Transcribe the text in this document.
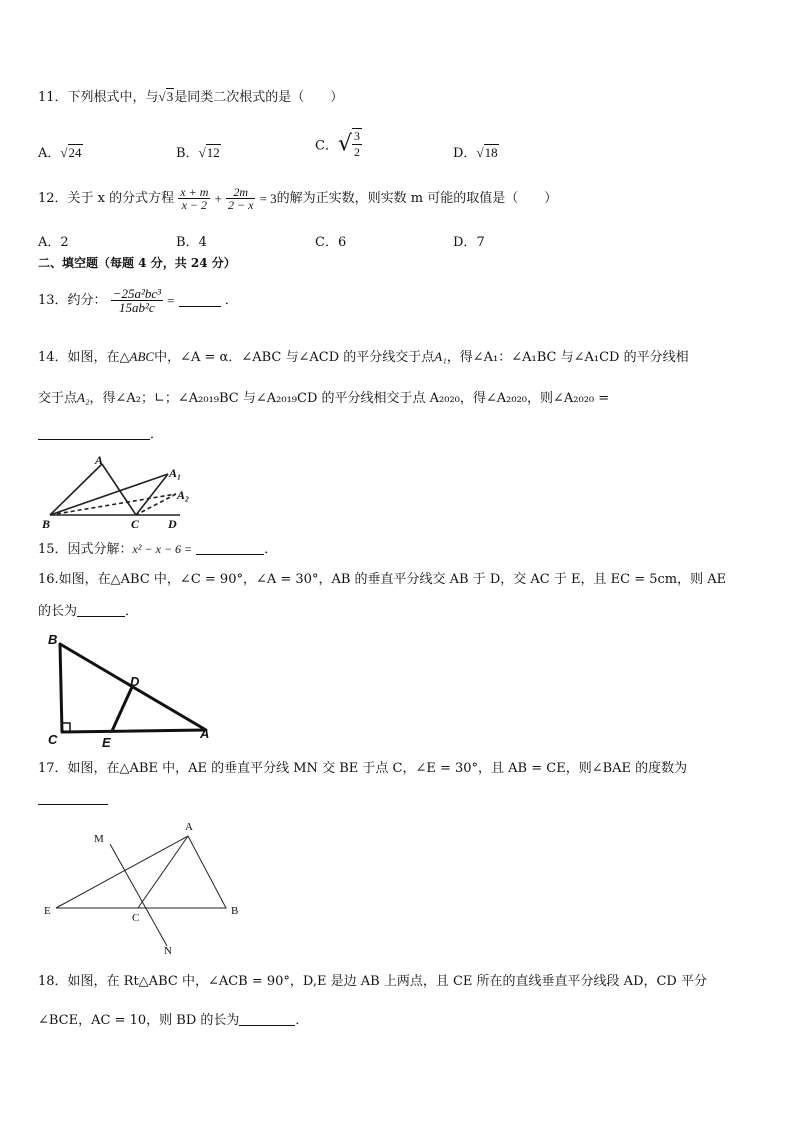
11．下列根式中，与√3是同类二次根式的是（　　）
A．√24	B．√12	C．√ $\frac{3}{2}$	D．√18
12．关于 x 的分式方程 $\frac{x + m}{x - 2} + \frac{2m}{2 - x} = 3$的解为正实数，则实数 m 可能的取值是（　　）
A．2	B．4	C．6	D．7
二、填空题（每题 4 分，共 24 分）
13．约分： $\frac{\text{−25a²bc³}}{\text{15ab²c}}$ =	．
14．如图，在△ABC中，∠A = α．∠ABC 与∠ACD 的平分线交于点A₁，得∠A₁：∠A₁BC 与∠A₁CD 的平分线相
交于点A₂，得∠A₂；∟；∠A₂₀₁₉BC 与∠A₂₀₁₉CD 的平分线相交于点 A₂₀₂₀，得∠A₂₀₂₀，则∠A₂₀₂₀ =
．
A
A₁
A₂
B	C D
15．因式分解：x² − x − 6 =	．
16.如图，在△ABC 中，∠C = 90°，∠A = 30°，AB 的垂直平分线交 AB 于 D，交 AC 于 E，且 EC = 5cm，则 AE
的长为	．
B
C
D
E
A
17．如图，在△ABE 中，AE 的垂直平分线 MN 交 BE 于点 C，∠E = 30°，且 AB = CE，则∠BAE 的度数为
M
A
E
C
B
N
18．如图，在 Rt△ABC 中，∠ACB = 90°，D,E 是边 AB 上两点，且 CE 所在的直线垂直平分线段 AD，CD 平分
∠BCE，AC = 10，则 BD 的长为	．
